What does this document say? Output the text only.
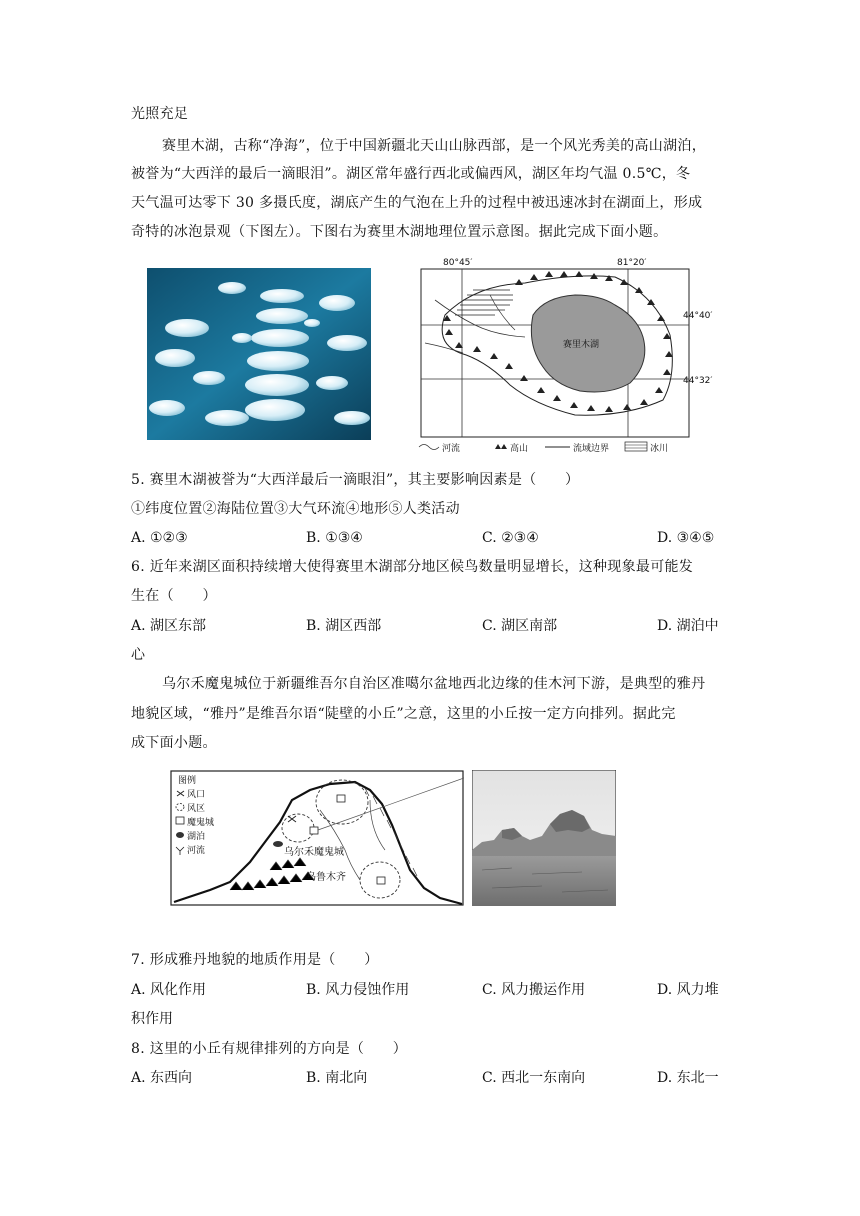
光照充足
赛里木湖，古称“净海”，位于中国新疆北天山山脉西部，是一个风光秀美的高山湖泊，
被誉为“大西洋的最后一滴眼泪”。湖区常年盛行西北或偏西风，湖区年均气温 0.5℃，冬
天气温可达零下 30 多摄氏度，湖底产生的气泡在上升的过程中被迅速冰封在湖面上，形成
奇特的冰泡景观（下图左）。下图右为赛里木湖地理位置示意图。据此完成下面小题。
赛里木湖
80°45′	81°20′
44°40′
44°32′
河流	高山	流域边界	冰川
5. 赛里木湖被誉为“大西洋最后一滴眼泪”，其主要影响因素是（　　）
①纬度位置②海陆位置③大气环流④地形⑤人类活动
A. ①②③	B. ①③④	C. ②③④	D. ③④⑤
6. 近年来湖区面积持续增大使得赛里木湖部分地区候鸟数量明显增长，这种现象最可能发
生在（　　）
A. 湖区东部	B. 湖区西部	C. 湖区南部	D. 湖泊中
心
乌尔禾魔鬼城位于新疆维吾尔自治区准噶尔盆地西北边缘的佳木河下游，是典型的雅丹
地貌区域，“雅丹”是维吾尔语“陡壁的小丘”之意，这里的小丘按一定方向排列。据此完
成下面小题。
乌尔禾魔鬼城
乌鲁木齐
图例
风口
风区
魔鬼城
湖泊
河流
7. 形成雅丹地貌的地质作用是（　　）
A. 风化作用	B. 风力侵蚀作用	C. 风力搬运作用	D. 风力堆
积作用
8. 这里的小丘有规律排列的方向是（　　）
A. 东西向	B. 南北向	C. 西北一东南向	D. 东北一
